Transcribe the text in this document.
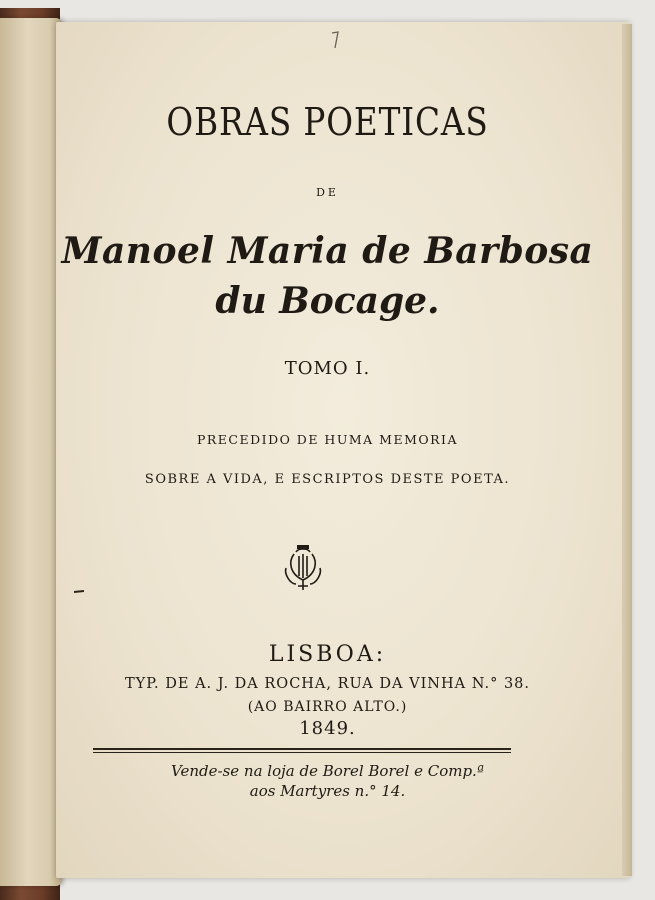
OBRAS POETICAS
DE
Manoel Maria de Barbosa
du Bocage.
TOMO I.
PRECEDIDO DE HUMA MEMORIA
SOBRE A VIDA, E ESCRIPTOS DESTE POETA.
LISBOA:
TYP. DE A. J. DA ROCHA, RUA DA VINHA N.° 38.
(AO BAIRRO ALTO.)
1849.
Vende-se na loja de Borel Borel e Comp.ª
aos Martyres n.° 14.
